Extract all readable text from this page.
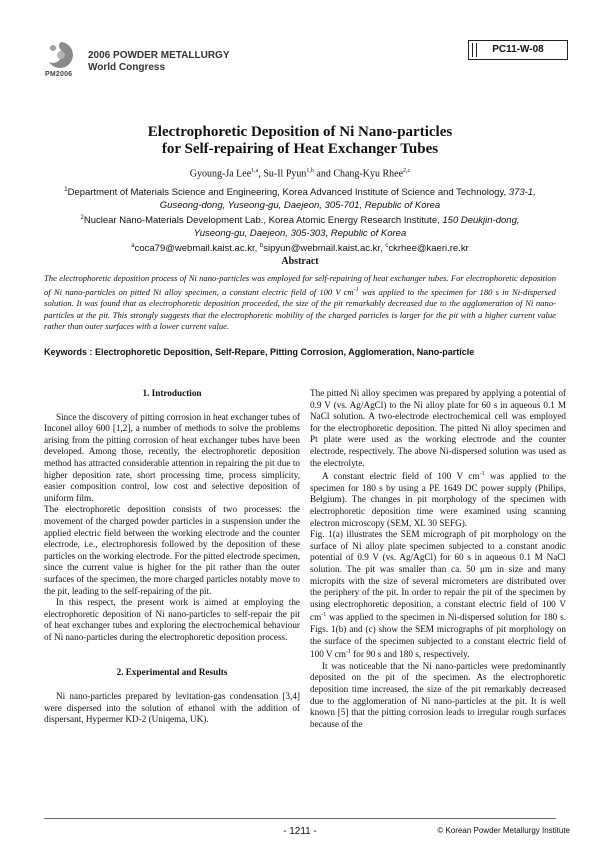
PM2006
2006 POWDER METALLURGY
World Congress
PC11-W-08
Electrophoretic Deposition of Ni Nano-particles
for Self-repairing of Heat Exchanger Tubes
Gyoung-Ja Lee$^{1,a}$, Su-Il Pyun$^{1,b}$ and Chang-Kyu Rhee$^{2,c}$
$^1$Department of Materials Science and Engineering, Korea Advanced Institute of Science and Technology, 373-1,
Guseong-dong, Yuseong-gu, Daejeon, 305-701, Republic of Korea
$^2$Nuclear Nano-Materials Development Lab., Korea Atomic Energy Research Institute, 150 Deukjin-dong,
Yuseong-gu, Daejeon, 305-303, Republic of Korea
$^a$coca79@webmail.kaist.ac.kr, $^b$sipyun@webmail.kaist.ac.kr, $^c$ckrhee@kaeri.re.kr
Abstract
The electrophoretic deposition process of Ni nano-particles was employed for self-repairing of heat exchanger tubes. For electrophoretic deposition of Ni nano-particles on pitted Ni alloy specimen, a constant electric field of 100 V $cm^{-1}$ was applied to the specimen for 180 s in Ni-dispersed solution. It was found that as electrophoretic deposition proceeded, the size of the pit remarkably decreased due to the agglomeration of Ni nano-particles at the pit. This strongly suggests that the electrophoretic mobility of the charged particles is larger for the pit with a higher current value rather than outer surfaces with a lower current value.
Keywords : Electrophoretic Deposition, Self-Repare, Pitting Corrosion, Agglomeration, Nano-particle

1. Introduction

Since the discovery of pitting corrosion in heat exchanger tubes of Inconel alloy 600 [1,2], a number of methods to solve the problems arising from the pitting corrosion of heat exchanger tubes have been developed. Among those, recently, the electrophoretic deposition method has attracted considerable attention in repairing the pit due to higher deposition rate, short processing time, process simplicity, easier composition control, low cost and selective deposition of uniform film.

The electrophoretic deposition consists of two processes: the movement of the charged powder particles in a suspension under the applied electric field between the working electrode and the counter electrode, i.e., electrophoresis followed by the deposition of these particles on the working electrode. For the pitted electrode specimen, since the current value is higher for the pit rather than the outer surfaces of the specimen, the more charged particles notably move to the pit, leading to the self-repairing of the pit.

In this respect, the present work is aimed at employing the electrophoretic deposition of Ni nano-particles to self-repair the pit of heat exchanger tubes and exploring the electrochemical behaviour of Ni nano-particles during the electrophoretic deposition process.

2. Experimental and Results

Ni nano-particles prepared by levitation-gas condensation [3,4] were dispersed into the solution of ethanol with the addition of dispersant, Hypermer KD-2 (Uniqema, UK).

The pitted Ni alloy specimen was prepared by applying a potential of 0.9 V (vs. Ag/AgCl) to the Ni alloy plate for 60 s in aqueous 0.1 M NaCl solution. A two-electrode electrochemical cell was employed for the electrophoretic deposition. The pitted Ni alloy specimen and Pt plate were used as the working electrode and the counter electrode, respectively. The above Ni-dispersed solution was used as the electrolyte.

A constant electric field of 100 V $cm^{-1}$ was applied to the specimen for 180 s by using a PE 1649 DC power supply (Philips, Belgium). The changes in pit morphology of the specimen with electrophoretic deposition time were examined using scanning electron microscopy (SEM, XL 30 SEFG).

Fig. 1(a) illustrates the SEM micrograph of pit morphology on the surface of Ni alloy plate specimen subjected to a constant anodic potential of 0.9 V (vs. Ag/AgCl) for 60 s in aqueous 0.1 M NaCl solution. The pit was smaller than ca. 50 μm in size and many micropits with the size of several micrometers are distributed over the periphery of the pit. In order to repair the pit of the specimen by using electrophoretic deposition, a constant electric field of 100 V $cm^{-1}$ was applied to the specimen in Ni-dispersed solution for 180 s. Figs. 1(b) and (c) show the SEM micrographs of pit morphology on the surface of the specimen subjected to a constant electric field of 100 V $cm^{-1}$ for 90 s and 180 s, respectively.

It was noticeable that the Ni nano-particles were predominantly deposited on the pit of the specimen. As the electrophoretic deposition time increased, the size of the pit remarkably decreased due to the agglomeration of Ni nano-particles at the pit. It is well known [5] that the pitting corrosion leads to irregular rough surfaces because of the

- 1211 -	© Korean Powder Metallurgy Institute
